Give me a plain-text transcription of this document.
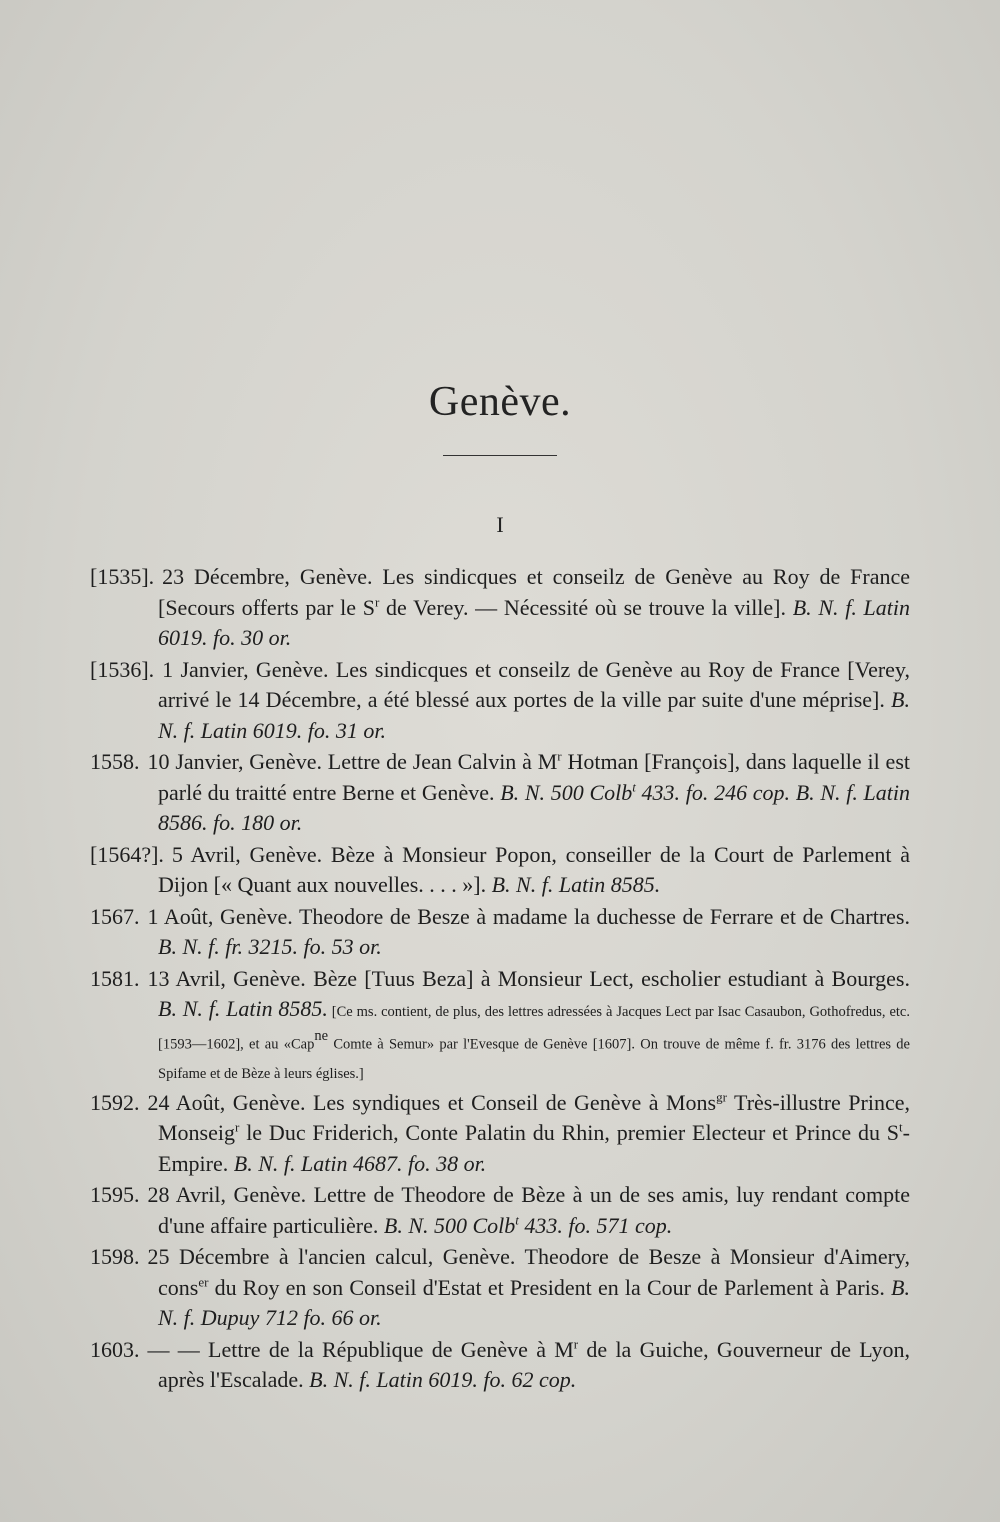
Genève.
I

[1535]. 23 Décembre, Genève. Les sindicques et conseilz de Genève au Roy de France [Secours offerts par le $S^r$ de Verey. — Nécessité où se trouve la ville]. B. N. f. Latin 6019. fo. 30 or.

[1536]. 1 Janvier, Genève. Les sindicques et conseilz de Genève au Roy de France [Verey, arrivé le 14 Décembre, a été blessé aux portes de la ville par suite d'une méprise]. B. N. f. Latin 6019. fo. 31 or.

1558. 10 Janvier, Genève. Lettre de Jean Calvin à $M^r$ Hotman [François], dans laquelle il est parlé du traitté entre Berne et Genève. B. N. 500 Colb$^t$ 433. fo. 246 cop. B. N. f. Latin 8586. fo. 180 or.

[1564?]. 5 Avril, Genève. Bèze à Monsieur Popon, conseiller de la Court de Parlement à Dijon [« Quant aux nouvelles. . . . »]. B. N. f. Latin 8585.

1567. 1 Août, Genève. Theodore de Besze à madame la duchesse de Ferrare et de Chartres. B. N. f. fr. 3215. fo. 53 or.

1581. 13 Avril, Genève. Bèze [Tuus Beza] à Monsieur Lect, escholier estudiant à Bourges. B. N. f. Latin 8585. [Ce ms. contient, de plus, des lettres adressées à Jacques Lect par Isac Casaubon, Gothofredus, etc. [1593—1602], et au «Cap$^{ne}$ Comte à Semur» par l'Evesque de Genève [1607]. On trouve de même f. fr. 3176 des lettres de Spifame et de Bèze à leurs églises.]

1592. 24 Août, Genève. Les syndiques et Conseil de Genève à Mons$^{gr}$ Très-illustre Prince, Monseig$^r$ le Duc Friderich, Conte Palatin du Rhin, premier Electeur et Prince du $S^t$-Empire. B. N. f. Latin 4687. fo. 38 or.

1595. 28 Avril, Genève. Lettre de Theodore de Bèze à un de ses amis, luy rendant compte d'une affaire particulière. B. N. 500 Colb$^t$ 433. fo. 571 cop.

1598. 25 Décembre à l'ancien calcul, Genève. Theodore de Besze à Monsieur d'Aimery, cons$^{er}$ du Roy en son Conseil d'Estat et President en la Cour de Parlement à Paris. B. N. f. Dupuy 712 fo. 66 or.

1603. — — Lettre de la République de Genève à $M^r$ de la Guiche, Gouverneur de Lyon, après l'Escalade. B. N. f. Latin 6019. fo. 62 cop.
